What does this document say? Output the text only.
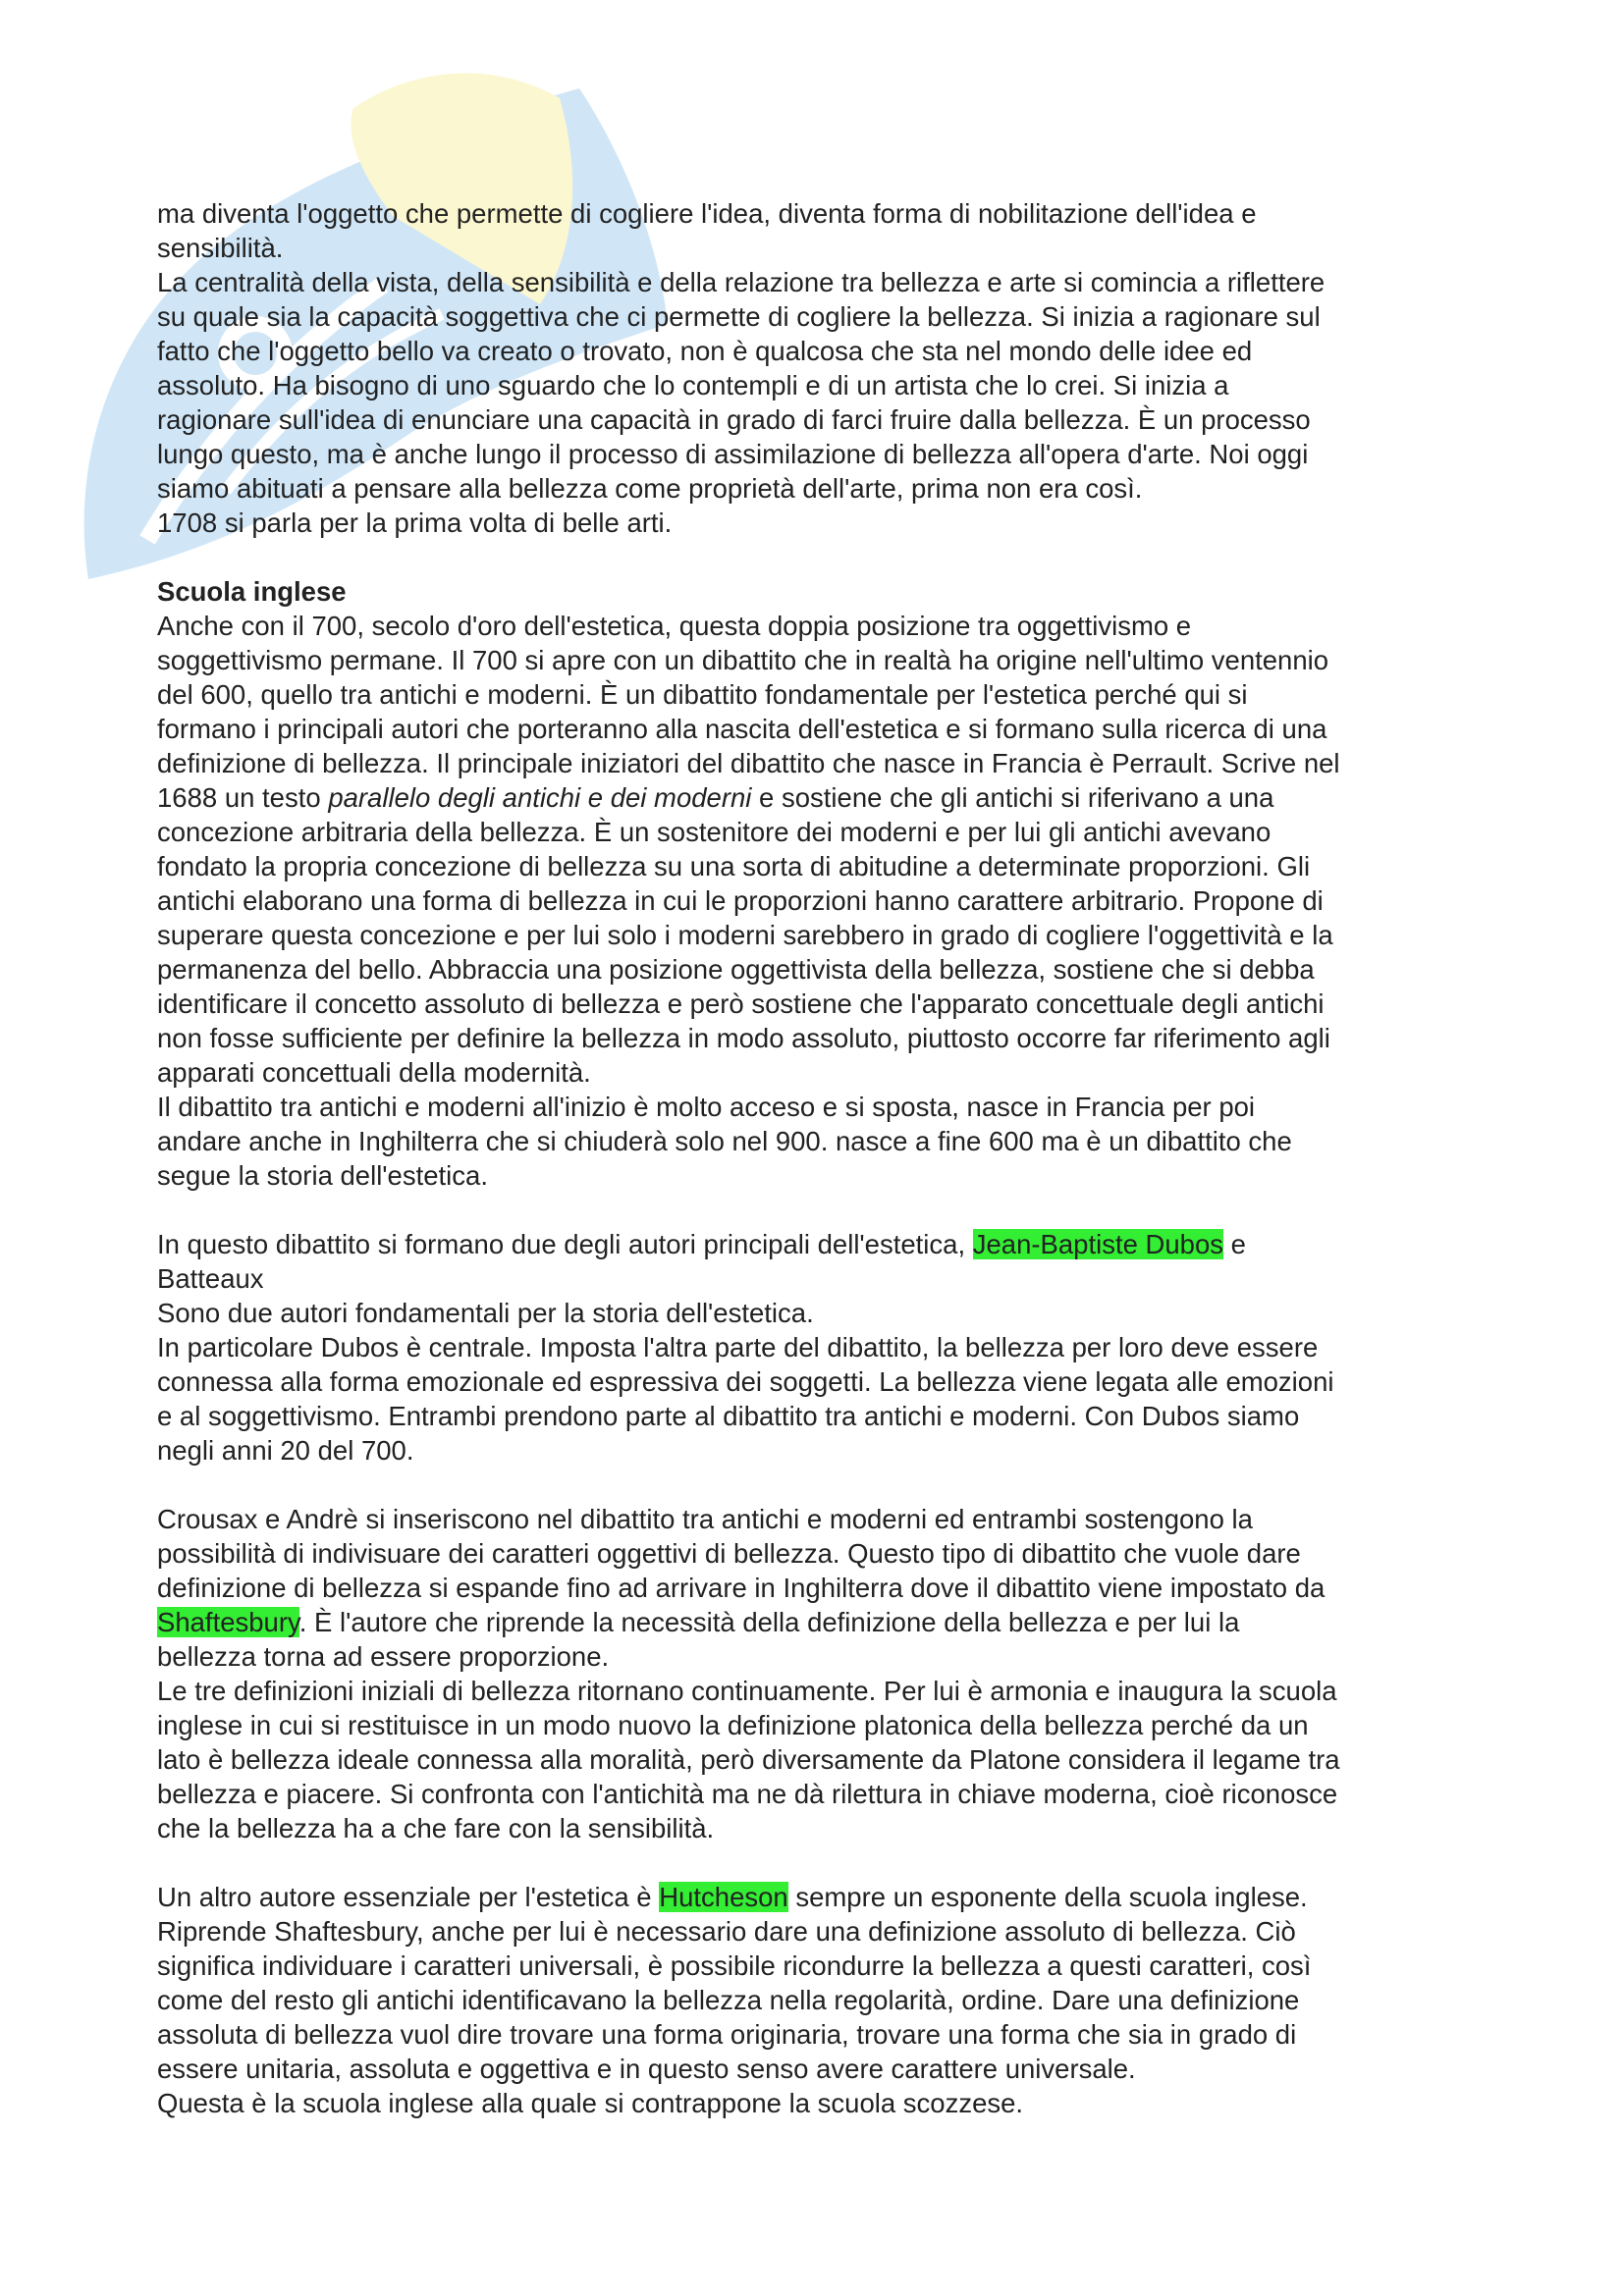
ma diventa l'oggetto che permette di cogliere l'idea, diventa forma di nobilitazione dell'idea e
sensibilità.
La centralità della vista, della sensibilità e della relazione tra bellezza e arte si comincia a riflettere
su quale sia la capacità soggettiva che ci permette di cogliere la bellezza. Si inizia a ragionare sul
fatto che l'oggetto bello va creato o trovato, non è qualcosa che sta nel mondo delle idee ed
assoluto. Ha bisogno di uno sguardo che lo contempli e di un artista che lo crei. Si inizia a
ragionare sull'idea di enunciare una capacità in grado di farci fruire dalla bellezza. È un processo
lungo questo, ma è anche lungo il processo di assimilazione di bellezza all'opera d'arte. Noi oggi
siamo abituati a pensare alla bellezza come proprietà dell'arte, prima non era così.
1708 si parla per la prima volta di belle arti.
Scuola inglese
Anche con il 700, secolo d'oro dell'estetica, questa doppia posizione tra oggettivismo e
soggettivismo permane. Il 700 si apre con un dibattito che in realtà ha origine nell'ultimo ventennio
del 600, quello tra antichi e moderni. È un dibattito fondamentale per l'estetica perché qui si
formano i principali autori che porteranno alla nascita dell'estetica e si formano sulla ricerca di una
definizione di bellezza. Il principale iniziatori del dibattito che nasce in Francia è Perrault. Scrive nel
1688 un testo parallelo degli antichi e dei moderni e sostiene che gli antichi si riferivano a una
concezione arbitraria della bellezza. È un sostenitore dei moderni e per lui gli antichi avevano
fondato la propria concezione di bellezza su una sorta di abitudine a determinate proporzioni. Gli
antichi elaborano una forma di bellezza in cui le proporzioni hanno carattere arbitrario. Propone di
superare questa concezione e per lui solo i moderni sarebbero in grado di cogliere l'oggettività e la
permanenza del bello. Abbraccia una posizione oggettivista della bellezza, sostiene che si debba
identificare il concetto assoluto di bellezza e però sostiene che l'apparato concettuale degli antichi
non fosse sufficiente per definire la bellezza in modo assoluto, piuttosto occorre far riferimento agli
apparati concettuali della modernità.
Il dibattito tra antichi e moderni all'inizio è molto acceso e si sposta, nasce in Francia per poi
andare anche in Inghilterra che si chiuderà solo nel 900. nasce a fine 600 ma è un dibattito che
segue la storia dell'estetica.
In questo dibattito si formano due degli autori principali dell'estetica, Jean-Baptiste Dubos e
Batteaux
Sono due autori fondamentali per la storia dell'estetica.
In particolare Dubos è centrale. Imposta l'altra parte del dibattito, la bellezza per loro deve essere
connessa alla forma emozionale ed espressiva dei soggetti. La bellezza viene legata alle emozioni
e al soggettivismo. Entrambi prendono parte al dibattito tra antichi e moderni. Con Dubos siamo
negli anni 20 del 700.
Crousax e Andrè si inseriscono nel dibattito tra antichi e moderni ed entrambi sostengono la
possibilità di indivisuare dei caratteri oggettivi di bellezza. Questo tipo di dibattito che vuole dare
definizione di bellezza si espande fino ad arrivare in Inghilterra dove il dibattito viene impostato da
Shaftesbury. È l'autore che riprende la necessità della definizione della bellezza e per lui la
bellezza torna ad essere proporzione.
Le tre definizioni iniziali di bellezza ritornano continuamente. Per lui è armonia e inaugura la scuola
inglese in cui si restituisce in un modo nuovo la definizione platonica della bellezza perché da un
lato è bellezza ideale connessa alla moralità, però diversamente da Platone considera il legame tra
bellezza e piacere. Si confronta con l'antichità ma ne dà rilettura in chiave moderna, cioè riconosce
che la bellezza ha a che fare con la sensibilità.
Un altro autore essenziale per l'estetica è Hutcheson sempre un esponente della scuola inglese.
Riprende Shaftesbury, anche per lui è necessario dare una definizione assoluto di bellezza. Ciò
significa individuare i caratteri universali, è possibile ricondurre la bellezza a questi caratteri, così
come del resto gli antichi identificavano la bellezza nella regolarità, ordine. Dare una definizione
assoluta di bellezza vuol dire trovare una forma originaria, trovare una forma che sia in grado di
essere unitaria, assoluta e oggettiva e in questo senso avere carattere universale.
Questa è la scuola inglese alla quale si contrappone la scuola scozzese.
